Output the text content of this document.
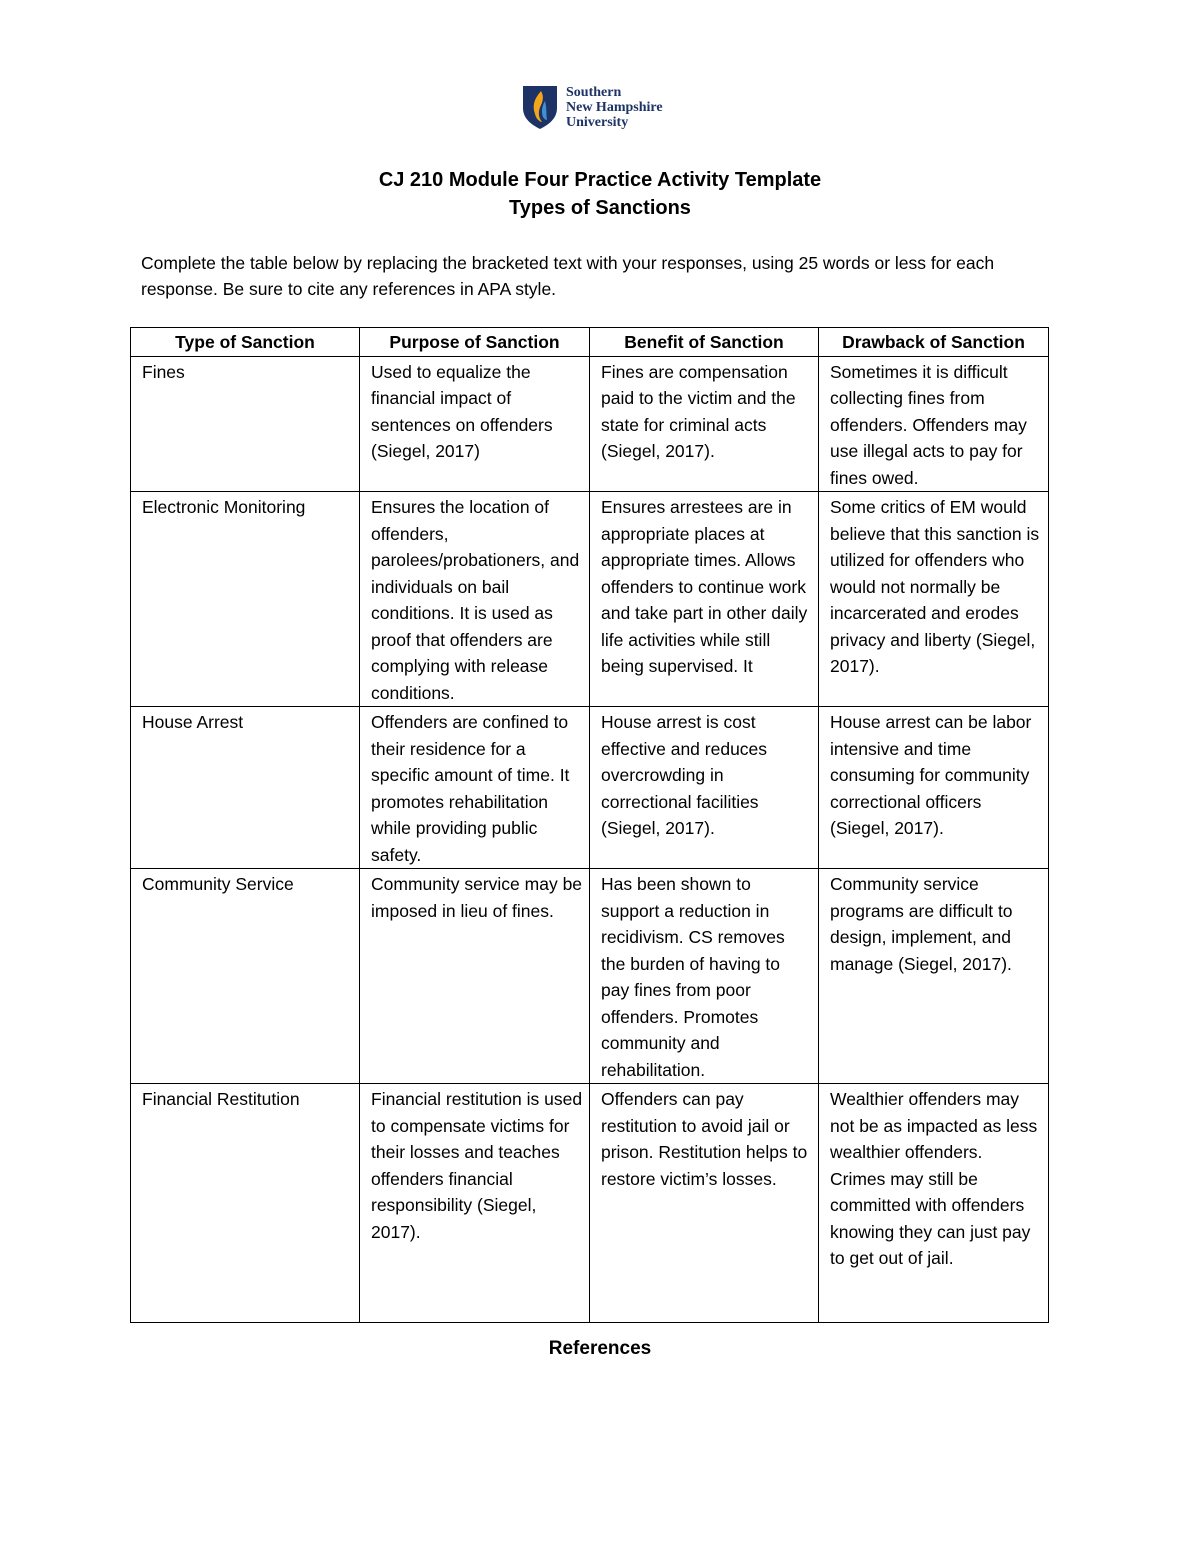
Southern
New Hampshire
University
CJ 210 Module Four Practice Activity Template
Types of Sanctions
Complete the table below by replacing the bracketed text with your responses, using 25 words or less for each response. Be sure to cite any references in APA style.
Type of Sanction	Purpose of Sanction	Benefit of Sanction	Drawback of Sanction
Fines	Used to equalize the financial impact of sentences on offenders (Siegel, 2017)	Fines are compensation paid to the victim and the state for criminal acts (Siegel, 2017).	Sometimes it is difficult collecting fines from offenders. Offenders may use illegal acts to pay for fines owed.
Electronic Monitoring	Ensures the location of offenders, parolees/probationers, and individuals on bail conditions. It is used as proof that offenders are complying with release conditions.	Ensures arrestees are in appropriate places at appropriate times. Allows offenders to continue work and take part in other daily life activities while still being supervised. It	Some critics of EM would believe that this sanction is utilized for offenders who would not normally be incarcerated and erodes privacy and liberty (Siegel, 2017).
House Arrest	Offenders are confined to their residence for a specific amount of time. It promotes rehabilitation while providing public safety.	House arrest is cost effective and reduces overcrowding in correctional facilities (Siegel, 2017).	House arrest can be labor intensive and time consuming for community correctional officers (Siegel, 2017).
Community Service	Community service may be imposed in lieu of fines.	Has been shown to support a reduction in recidivism. CS removes the burden of having to pay fines from poor offenders. Promotes community and rehabilitation.	Community service programs are difficult to design, implement, and manage (Siegel, 2017).
Financial Restitution	Financial restitution is used to compensate victims for their losses and teaches offenders financial responsibility (Siegel, 2017).	Offenders can pay restitution to avoid jail or prison. Restitution helps to restore victim’s losses.	Wealthier offenders may not be as impacted as less wealthier offenders. Crimes may still be committed with offenders knowing they can just pay to get out of jail.
References
